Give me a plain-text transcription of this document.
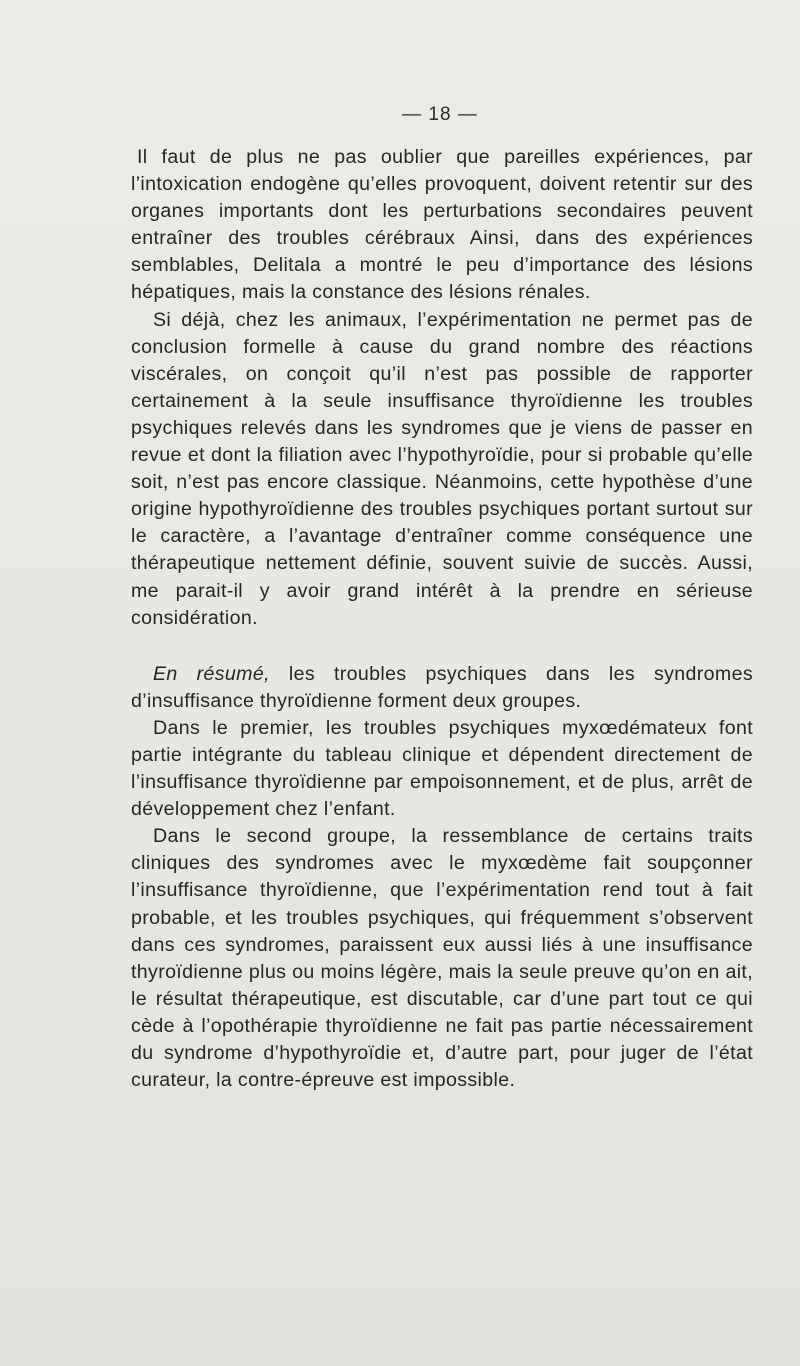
— 18 —

Il faut de plus ne pas oublier que pareilles expériences, par l’intoxication endogène qu’elles provoquent, doivent retentir sur des organes importants dont les perturbations secondaires peuvent entraîner des troubles cérébraux Ainsi, dans des expériences semblables, Delitala a montré le peu d’importance des lésions hépatiques, mais la constance des lésions rénales.

Si déjà, chez les animaux, l’expérimentation ne permet pas de conclusion formelle à cause du grand nombre des réactions viscérales, on conçoit qu’il n’est pas possible de rapporter certainement à la seule insuffisance thyroïdienne les troubles psychiques relevés dans les syndromes que je viens de passer en revue et dont la filiation avec l’hypothyroïdie, pour si probable qu’elle soit, n’est pas encore classique. Néanmoins, cette hypothèse d’une origine hypothyroïdienne des troubles psychiques portant surtout sur le caractère, a l’avantage d’entraîner comme conséquence une thérapeutique nettement définie, souvent suivie de succès. Aussi, me parait-il y avoir grand intérêt à la prendre en sérieuse considération.

En résumé, les troubles psychiques dans les syndromes d’insuffisance thyroïdienne forment deux groupes.

Dans le premier, les troubles psychiques myxœdémateux font partie intégrante du tableau clinique et dépendent directement de l’insuffisance thyroïdienne par empoisonnement, et de plus, arrêt de développement chez l’enfant.

Dans le second groupe, la ressemblance de certains traits cliniques des syndromes avec le myxœdème fait soupçonner l’insuffisance thyroïdienne, que l’expérimentation rend tout à fait probable, et les troubles psychiques, qui fréquemment s’observent dans ces syndromes, paraissent eux aussi liés à une insuffisance thyroïdienne plus ou moins légère, mais la seule preuve qu’on en ait, le résultat thérapeutique, est discutable, car d’une part tout ce qui cède à l’opothérapie thyroïdienne ne fait pas partie nécessairement du syndrome d’hypothyroïdie et, d’autre part, pour juger de l’état curateur, la contre-épreuve est impossible.
